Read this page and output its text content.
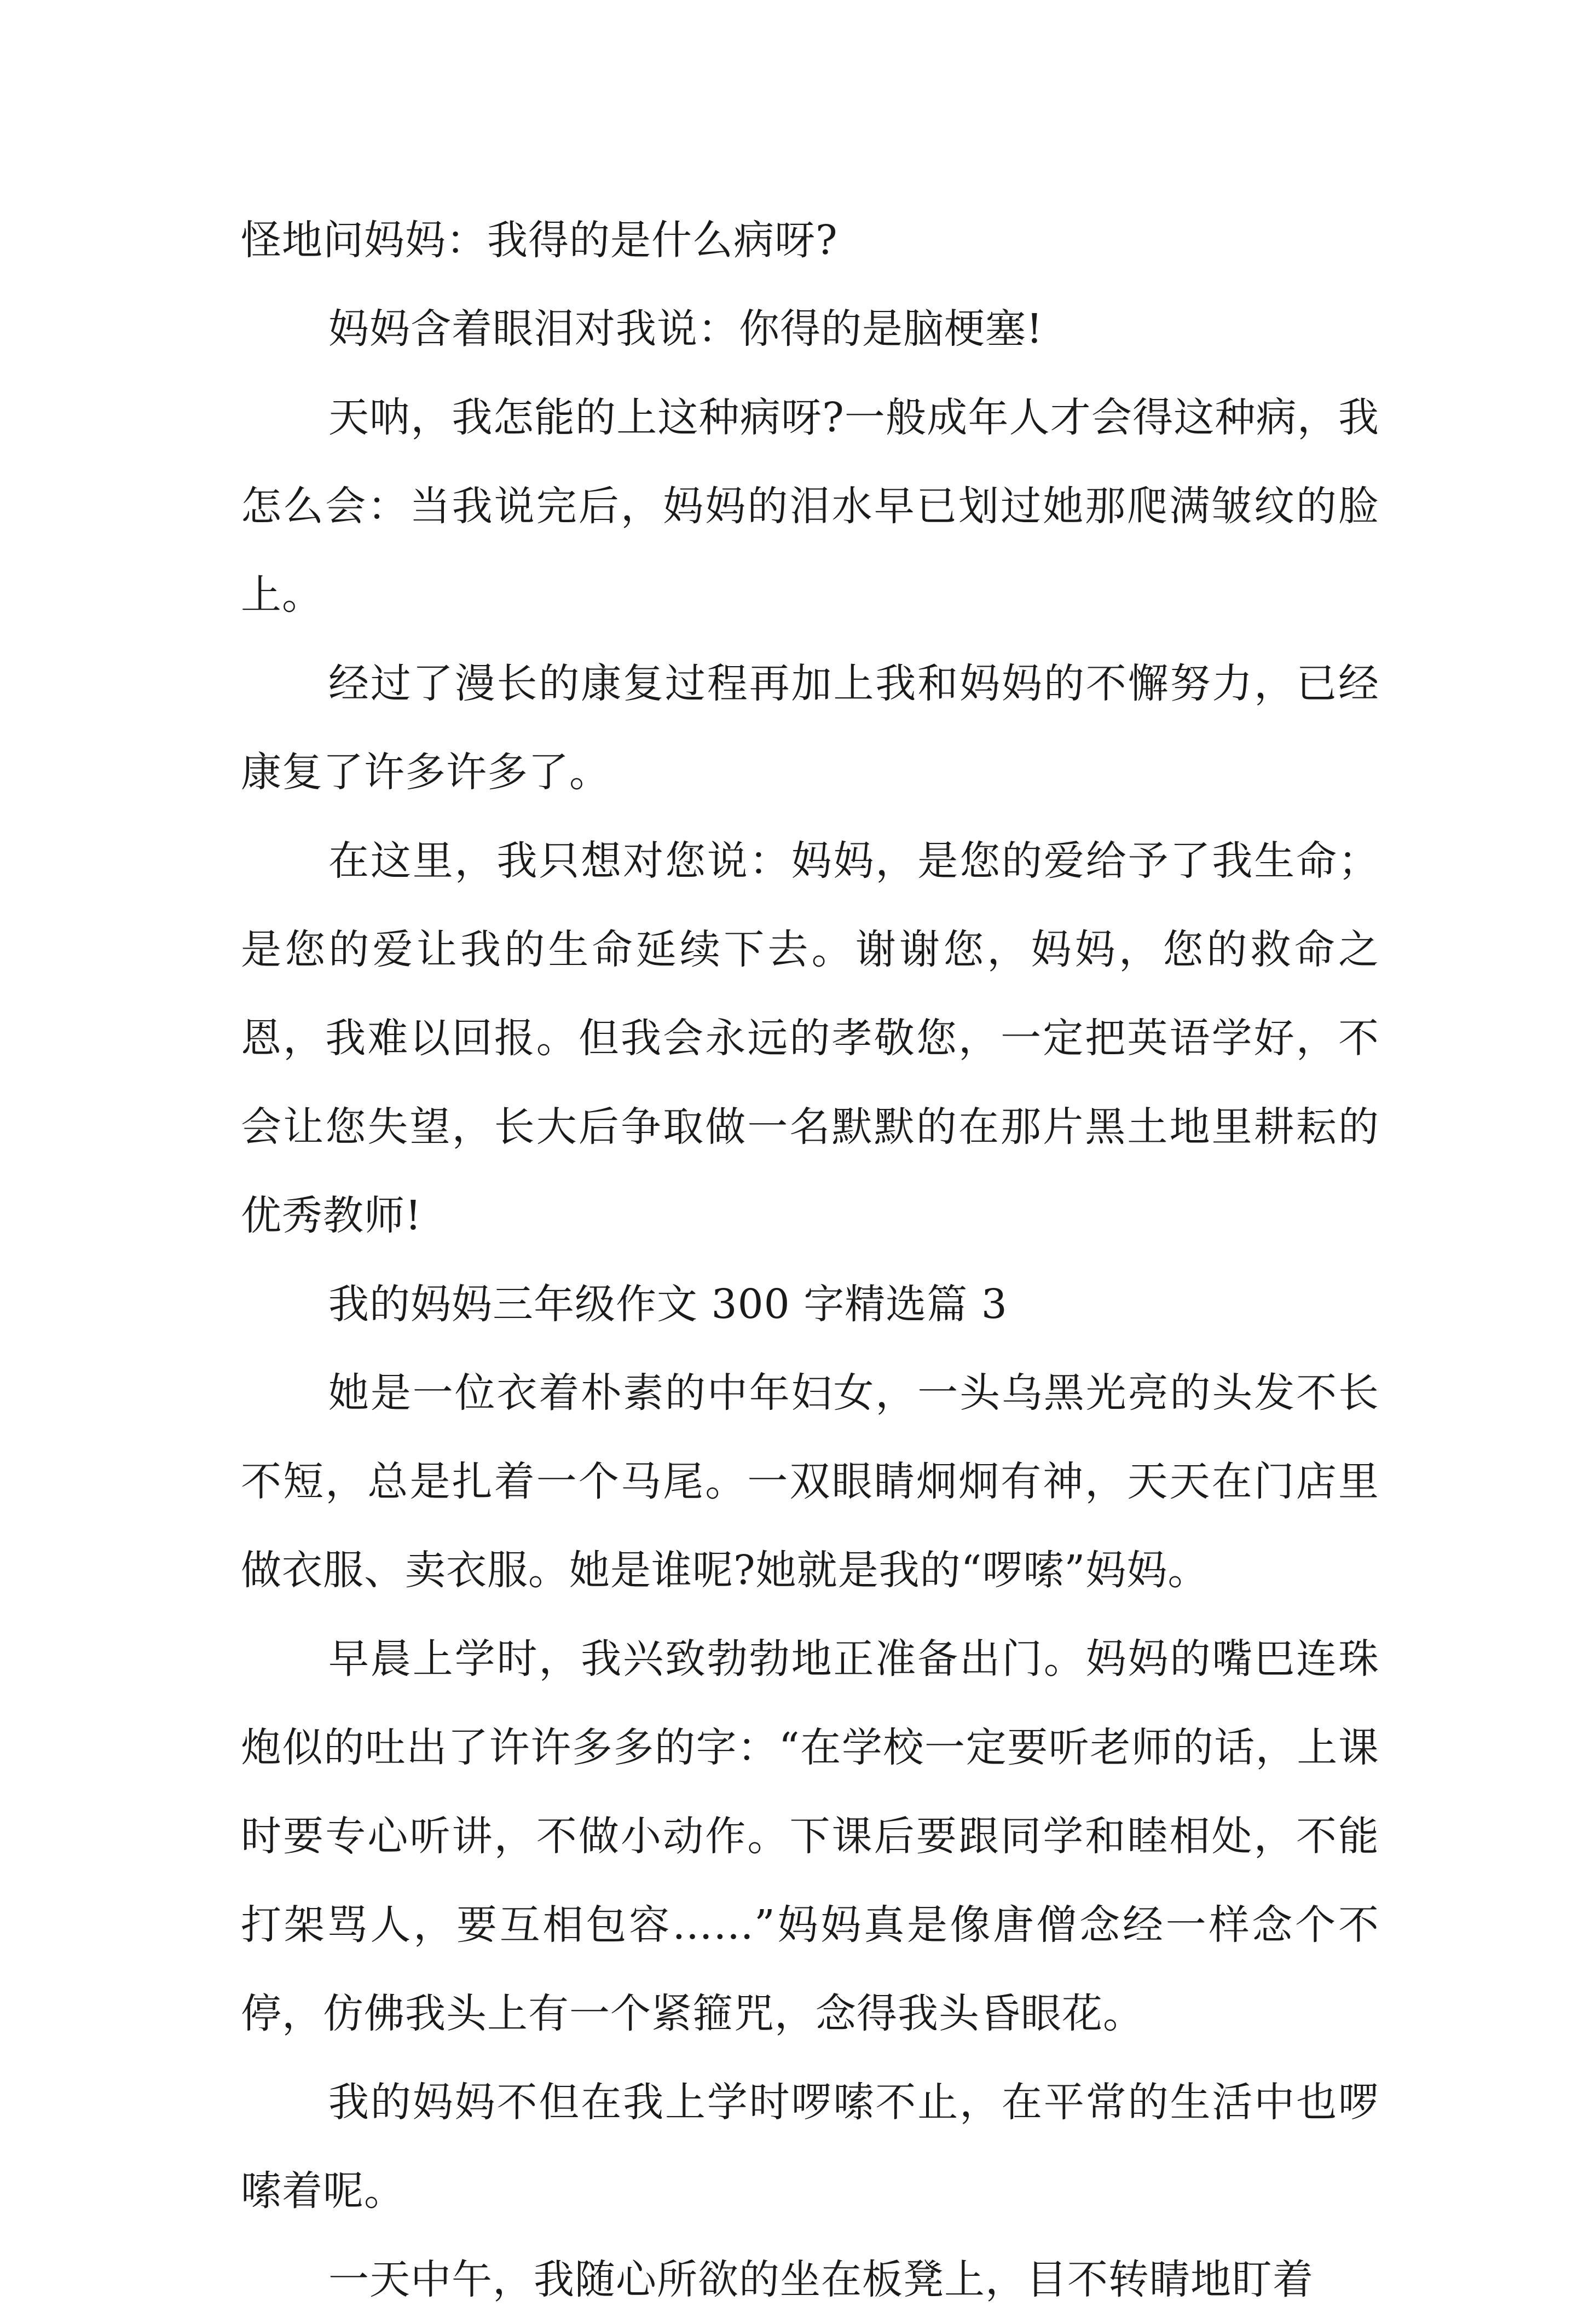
怪地问妈妈：我得的是什么病呀?

妈妈含着眼泪对我说：你得的是脑梗塞!

天呐，我怎能的上这种病呀?一般成年人才会得这种病，我怎么会：当我说完后，妈妈的泪水早已划过她那爬满皱纹的脸上。

经过了漫长的康复过程再加上我和妈妈的不懈努力，已经康复了许多许多了。

在这里，我只想对您说：妈妈，是您的爱给予了我生命；是您的爱让我的生命延续下去。谢谢您，妈妈，您的救命之恩，我难以回报。但我会永远的孝敬您，一定把英语学好，不会让您失望，长大后争取做一名默默的在那片黑土地里耕耘的优秀教师!

我的妈妈三年级作文 300 字精选篇 3

她是一位衣着朴素的中年妇女，一头乌黑光亮的头发不长不短，总是扎着一个马尾。一双眼睛炯炯有神，天天在门店里做衣服、卖衣服。她是谁呢?她就是我的“啰嗦”妈妈。

早晨上学时，我兴致勃勃地正准备出门。妈妈的嘴巴连珠炮似的吐出了许许多多的字：“在学校一定要听老师的话，上课时要专心听讲，不做小动作。下课后要跟同学和睦相处，不能打架骂人，要互相包容……”妈妈真是像唐僧念经一样念个不停，仿佛我头上有一个紧箍咒，念得我头昏眼花。

我的妈妈不但在我上学时啰嗦不止，在平常的生活中也啰嗦着呢。

一天中午，我随心所欲的坐在板凳上，目不转睛地盯着
